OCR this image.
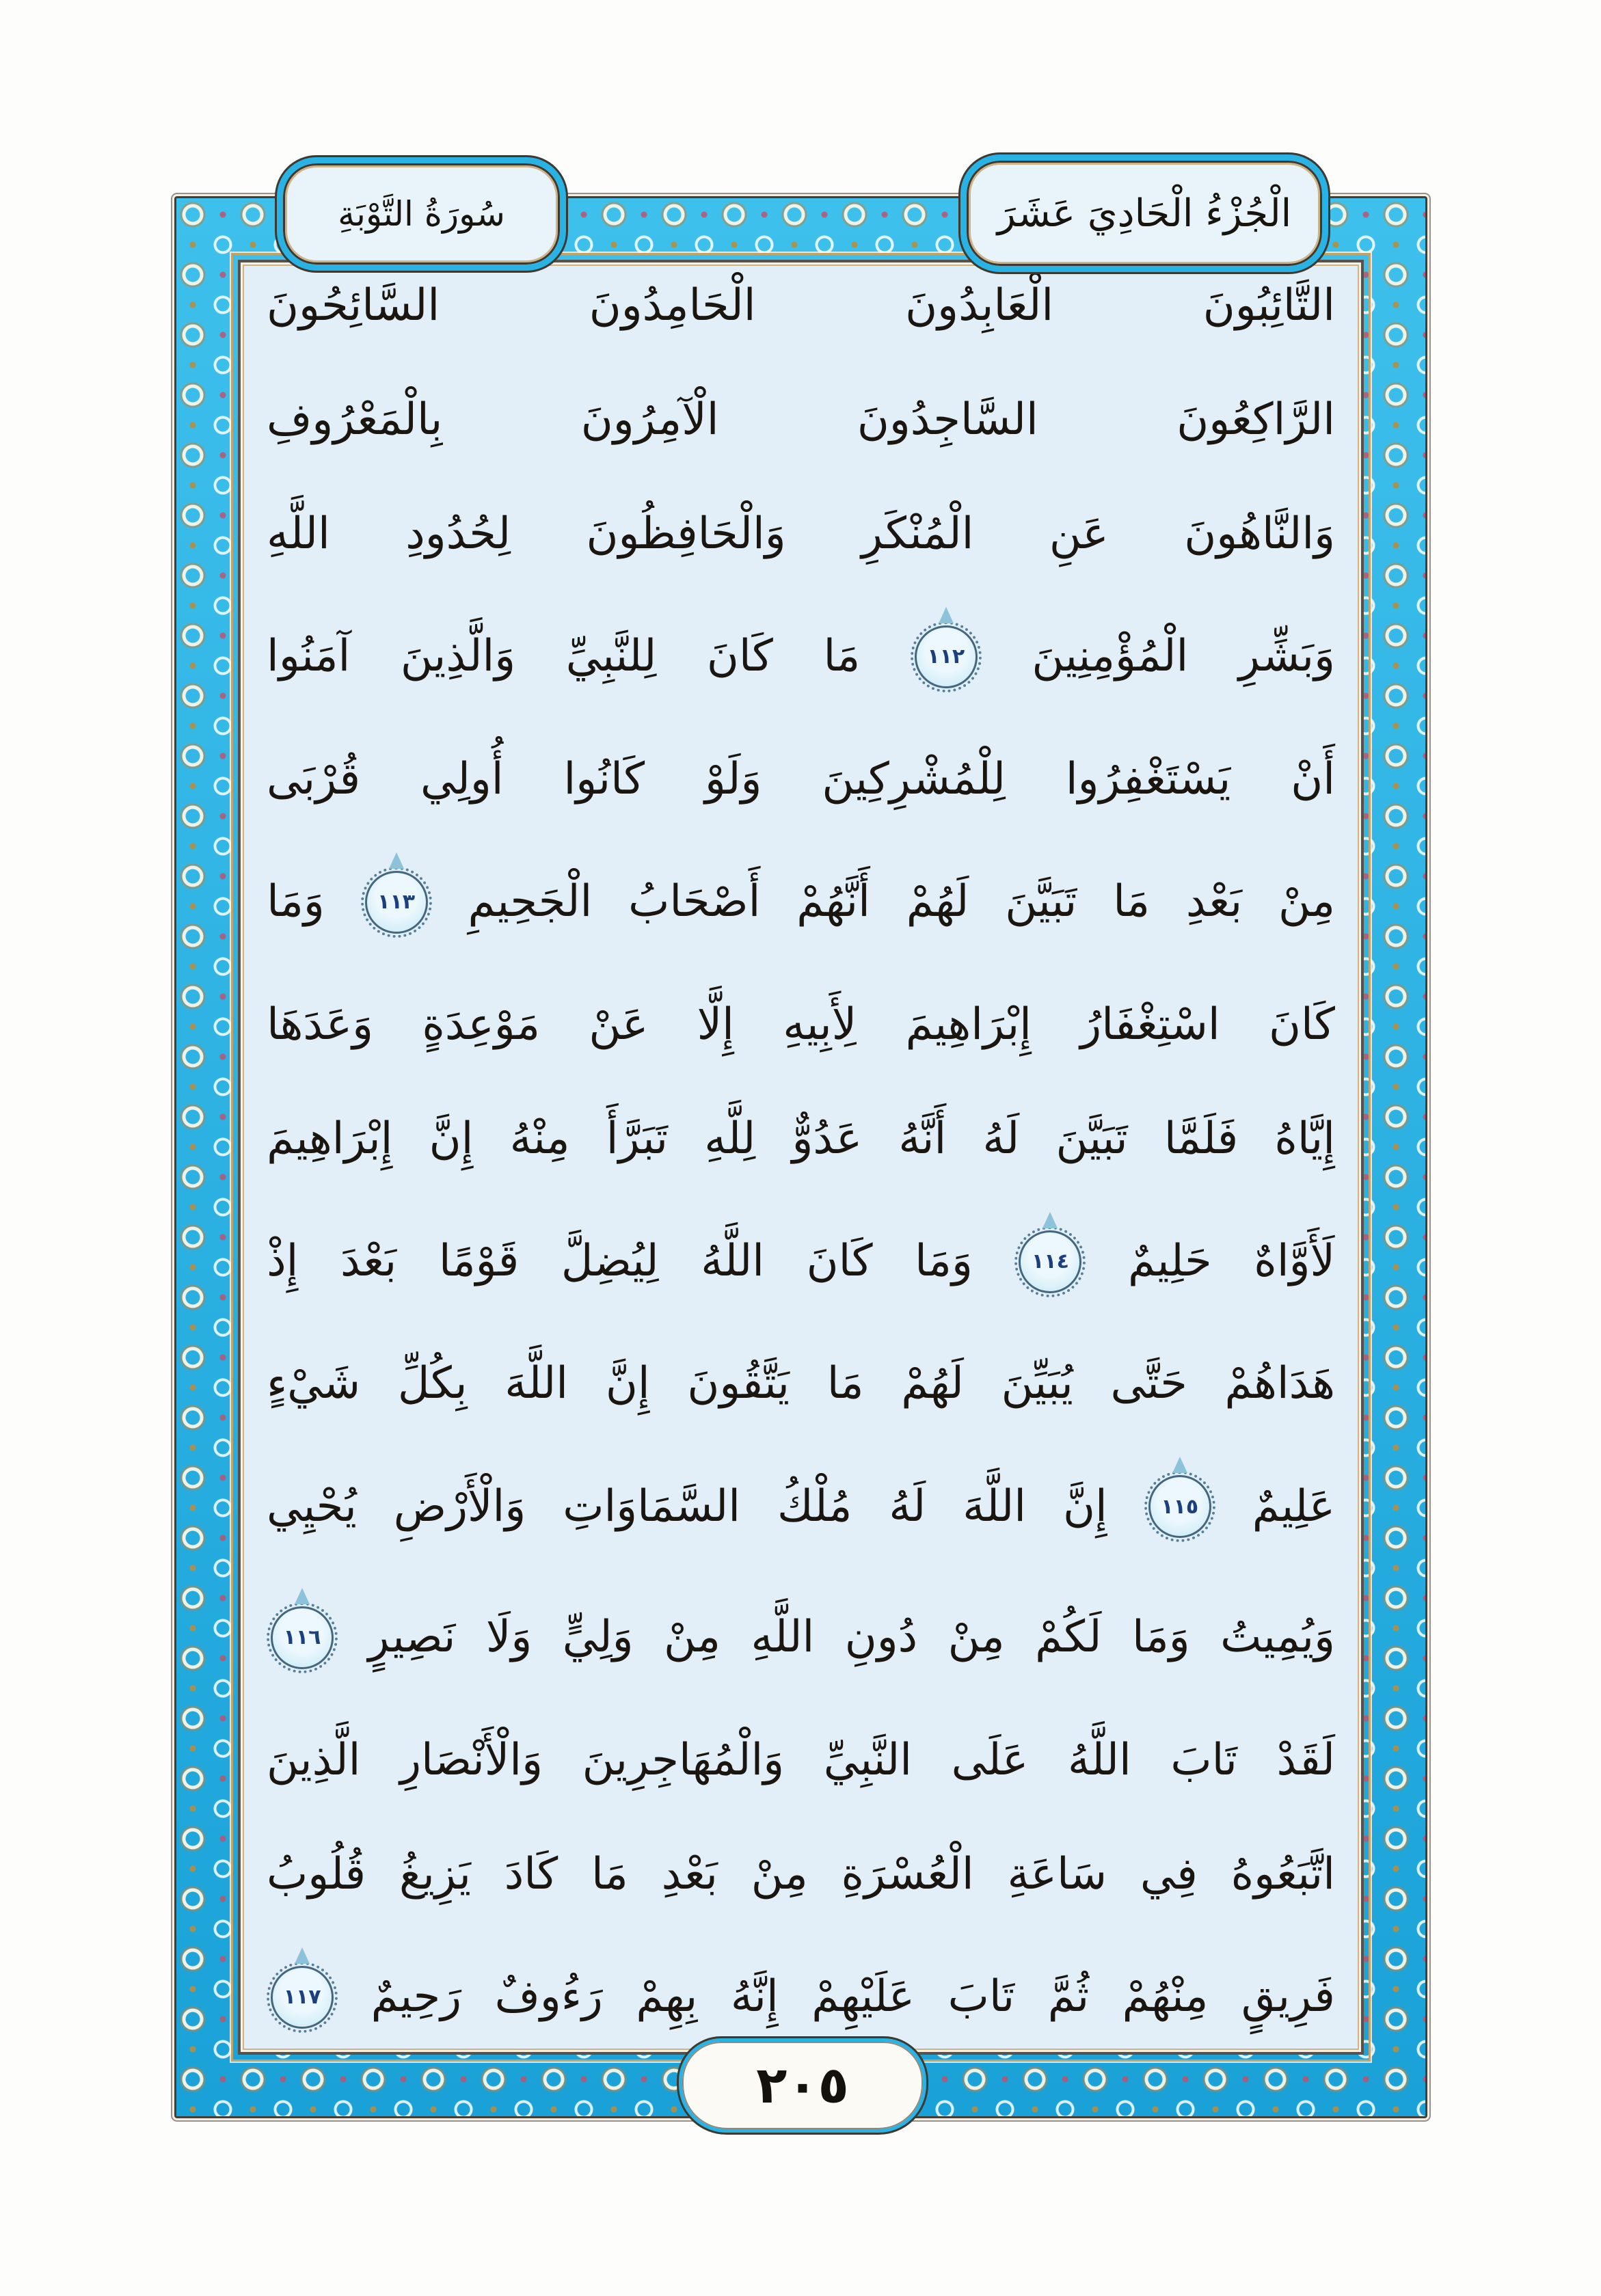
سُورَةُ التَّوْبَةِ	الْجُزْءُ الْحَادِيَ عَشَرَ
التَّائِبُونَ
الْعَابِدُونَ
الْحَامِدُونَ
السَّائِحُونَ
الرَّاكِعُونَ
السَّاجِدُونَ
الْآمِرُونَ
بِالْمَعْرُوفِ
وَالنَّاهُونَ
عَنِ
الْمُنْكَرِ
وَالْحَافِظُونَ
لِحُدُودِ
اللَّهِ
وَبَشِّرِ
الْمُؤْمِنِينَ
١١٢
مَا
كَانَ
لِلنَّبِيِّ
وَالَّذِينَ
آمَنُوا
أَنْ
يَسْتَغْفِرُوا
لِلْمُشْرِكِينَ
وَلَوْ
كَانُوا
أُولِي
قُرْبَى
مِنْ
بَعْدِ
مَا
تَبَيَّنَ
لَهُمْ
أَنَّهُمْ
أَصْحَابُ
الْجَحِيمِ
١١٣
وَمَا
كَانَ
اسْتِغْفَارُ
إِبْرَاهِيمَ
لِأَبِيهِ
إِلَّا
عَنْ
مَوْعِدَةٍ
وَعَدَهَا
إِيَّاهُ
فَلَمَّا
تَبَيَّنَ
لَهُ
أَنَّهُ
عَدُوٌّ
لِلَّهِ
تَبَرَّأَ
مِنْهُ
إِنَّ
إِبْرَاهِيمَ
لَأَوَّاهٌ
حَلِيمٌ
١١٤
وَمَا
كَانَ
اللَّهُ
لِيُضِلَّ
قَوْمًا
بَعْدَ
إِذْ
هَدَاهُمْ
حَتَّى
يُبَيِّنَ
لَهُمْ
مَا
يَتَّقُونَ
إِنَّ
اللَّهَ
بِكُلِّ
شَيْءٍ
عَلِيمٌ
١١٥
إِنَّ
اللَّهَ
لَهُ
مُلْكُ
السَّمَاوَاتِ
وَالْأَرْضِ
يُحْيِي
وَيُمِيتُ
وَمَا
لَكُمْ
مِنْ
دُونِ
اللَّهِ
مِنْ
وَلِيٍّ
وَلَا
نَصِيرٍ
١١٦
لَقَدْ
تَابَ
اللَّهُ
عَلَى
النَّبِيِّ
وَالْمُهَاجِرِينَ
وَالْأَنْصَارِ
الَّذِينَ
اتَّبَعُوهُ
فِي
سَاعَةِ
الْعُسْرَةِ
مِنْ
بَعْدِ
مَا
كَادَ
يَزِيغُ
قُلُوبُ
فَرِيقٍ
مِنْهُمْ
ثُمَّ
تَابَ
عَلَيْهِمْ
إِنَّهُ
بِهِمْ
رَءُوفٌ
رَحِيمٌ
١١٧
٢٠٥
